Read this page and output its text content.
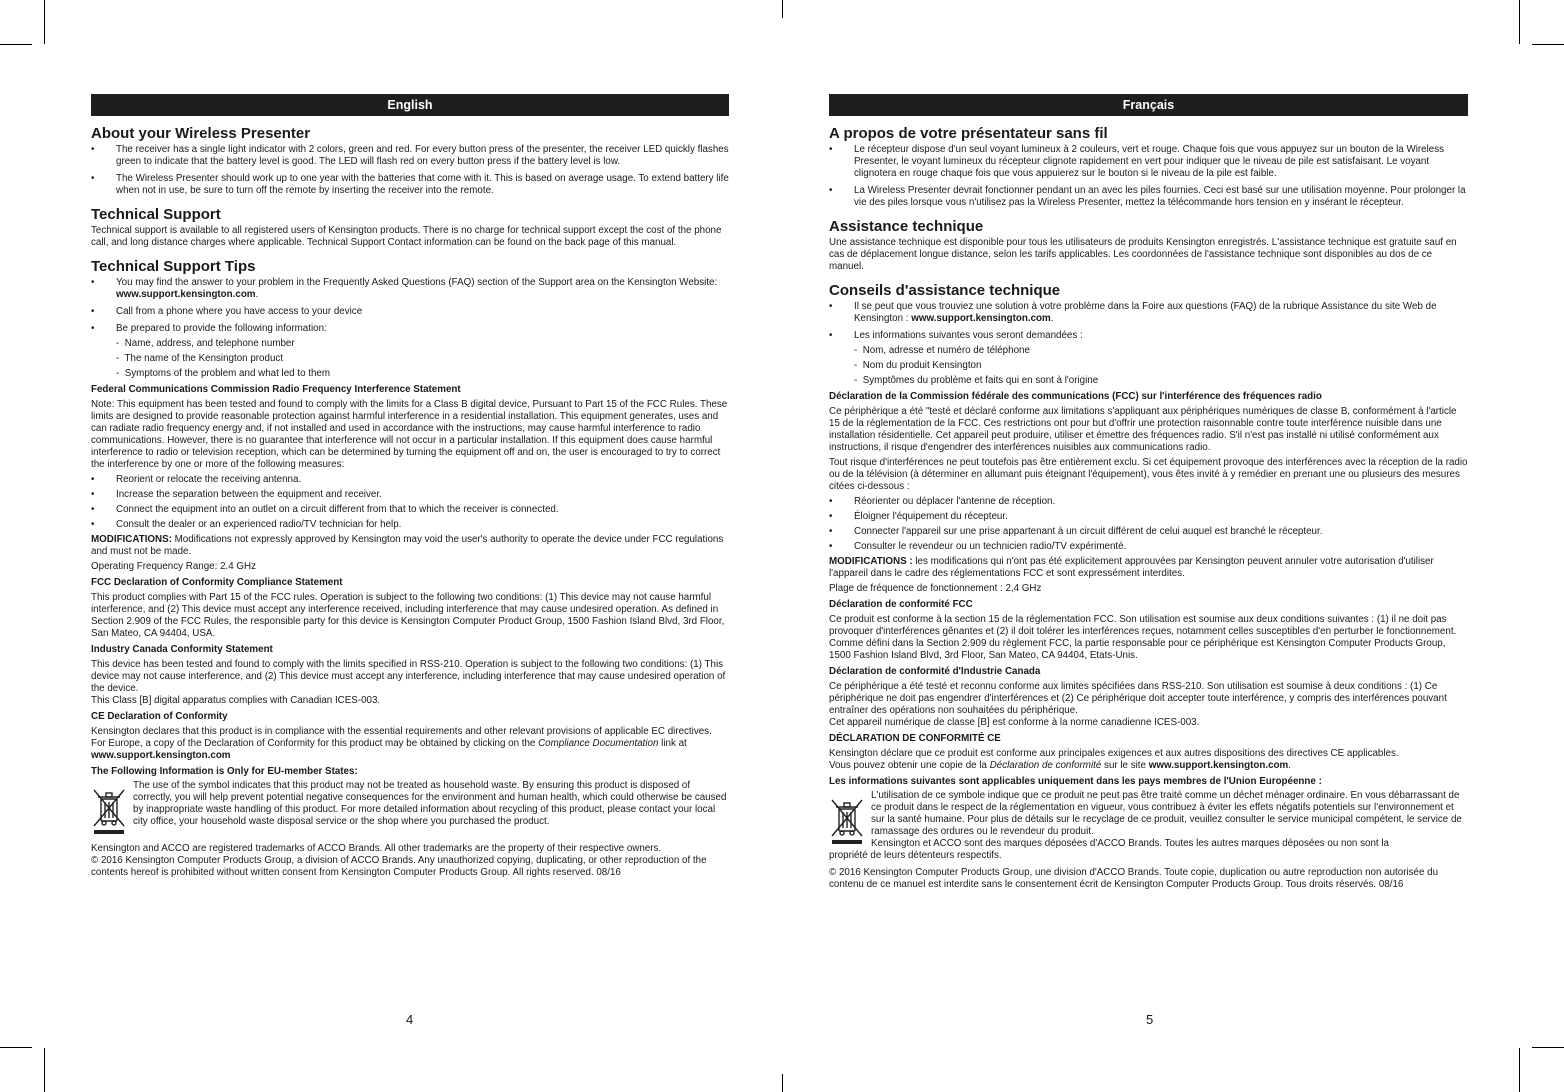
English
About your Wireless Presenter
• The receiver has a single light indicator with 2 colors, green and red. For every button press of the presenter, the receiver LED quickly flashes green to indicate that the battery level is good. The LED will flash red on every button press if the battery level is low.
• The Wireless Presenter should work up to one year with the batteries that come with it. This is based on average usage. To extend battery life when not in use, be sure to turn off the remote by inserting the receiver into the remote.
Technical Support

Technical support is available to all registered users of Kensington products. There is no charge for technical support except the cost of the phone call, and long distance charges where applicable. Technical Support Contact information can be found on the back page of this manual.

Technical Support Tips
• You may find the answer to your problem in the Frequently Asked Questions (FAQ) section of the Support area on the Kensington Website: www.support.kensington.com.
• Call from a phone where you have access to your device
• Be prepared to provide the following information:
- Name, address, and telephone number
- The name of the Kensington product
- Symptoms of the problem and what led to them
Federal Communications Commission Radio Frequency Interference Statement

Note: This equipment has been tested and found to comply with the limits for a Class B digital device, Pursuant to Part 15 of the FCC Rules. These limits are designed to provide reasonable protection against harmful interference in a residential installation. This equipment generates, uses and can radiate radio frequency energy and, if not installed and used in accordance with the instructions, may cause harmful interference to radio communications. However, there is no guarantee that interference will not occur in a particular installation. If this equipment does cause harmful interference to radio or television reception, which can be determined by turning the equipment off and on, the user is encouraged to try to correct the interference by one or more of the following measures:

• Reorient or relocate the receiving antenna.
• Increase the separation between the equipment and receiver.
• Connect the equipment into an outlet on a circuit different from that to which the receiver is connected.
• Consult the dealer or an experienced radio/TV technician for help.

MODIFICATIONS: Modifications not expressly approved by Kensington may void the user's authority to operate the device under FCC regulations and must not be made.

Operating Frequency Range: 2.4 GHz

FCC Declaration of Conformity Compliance Statement

This product complies with Part 15 of the FCC rules. Operation is subject to the following two conditions: (1) This device may not cause harmful interference, and (2) This device must accept any interference received, including interference that may cause undesired operation. As defined in Section 2.909 of the FCC Rules, the responsible party for this device is Kensington Computer Product Group, 1500 Fashion Island Blvd, 3rd Floor, San Mateo, CA 94404, USA.

Industry Canada Conformity Statement

This device has been tested and found to comply with the limits specified in RSS-210. Operation is subject to the following two conditions: (1) This device may not cause interference, and (2) This device must accept any interference, including interference that may cause undesired operation of the device.

This Class [B] digital apparatus complies with Canadian ICES-003.

CE Declaration of Conformity

Kensington declares that this product is in compliance with the essential requirements and other relevant provisions of applicable EC directives.

For Europe, a copy of the Declaration of Conformity for this product may be obtained by clicking on the Compliance Documentation link at www.support.kensington.com

The Following Information is Only for EU-member States:
The use of the symbol indicates that this product may not be treated as household waste. By ensuring this product is disposed of correctly, you will help prevent potential negative consequences for the environment and human health, which could otherwise be caused by inappropriate waste handling of this product. For more detailed information about recycling of this product, please contact your local city office, your household waste disposal service or the shop where you purchased the product.

Kensington and ACCO are registered trademarks of ACCO Brands. All other trademarks are the property of their respective owners.

© 2016 Kensington Computer Products Group, a division of ACCO Brands. Any unauthorized copying, duplicating, or other reproduction of the contents hereof is prohibited without written consent from Kensington Computer Products Group. All rights reserved. 08/16

4
Français
A propos de votre présentateur sans fil
• Le récepteur dispose d'un seul voyant lumineux à 2 couleurs, vert et rouge. Chaque fois que vous appuyez sur un bouton de la Wireless Presenter, le voyant lumineux du récepteur clignote rapidement en vert pour indiquer que le niveau de pile est satisfaisant. Le voyant clignotera en rouge chaque fois que vous appuierez sur le bouton si le niveau de la pile est faible.
• La Wireless Presenter devrait fonctionner pendant un an avec les piles fournies. Ceci est basé sur une utilisation moyenne. Pour prolonger la vie des piles lorsque vous n'utilisez pas la Wireless Presenter, mettez la télécommande hors tension en y insérant le récepteur.
Assistance technique

Une assistance technique est disponible pour tous les utilisateurs de produits Kensington enregistrés. L'assistance technique est gratuite sauf en cas de déplacement longue distance, selon les tarifs applicables. Les coordonnées de l'assistance technique sont disponibles au dos de ce manuel.

Conseils d'assistance technique
• Il se peut que vous trouviez une solution à votre problème dans la Foire aux questions (FAQ) de la rubrique Assistance du site Web de Kensington : www.support.kensington.com.
• Les informations suivantes vous seront demandées :
- Nom, adresse et numéro de téléphone
- Nom du produit Kensington
- Symptômes du problème et faits qui en sont à l'origine
Déclaration de la Commission fédérale des communications (FCC) sur l'interférence des fréquences radio

Ce périphérique a été "testé et déclaré conforme aux limitations s'appliquant aux périphériques numériques de classe B, conformément à l'article 15 de la réglementation de la FCC. Ces restrictions ont pour but d'offrir une protection raisonnable contre toute interférence nuisible dans une installation résidentielle. Cet appareil peut produire, utiliser et émettre des fréquences radio. S'il n'est pas installé ni utilisé conformément aux instructions, il risque d'engendrer des interférences nuisibles aux communications radio.

Tout risque d'interférences ne peut toutefois pas être entièrement exclu. Si cet équipement provoque des interférences avec la réception de la radio ou de la télévision (à déterminer en allumant puis éteignant l'équipement), vous êtes invité à y remédier en prenant une ou plusieurs des mesures citées ci-dessous :

• Réorienter ou déplacer l'antenne de réception.
• Éloigner l'équipement du récepteur.
• Connecter l'appareil sur une prise appartenant à un circuit différent de celui auquel est branché le récepteur.
• Consulter le revendeur ou un technicien radio/TV expérimenté.

MODIFICATIONS : les modifications qui n'ont pas été explicitement approuvées par Kensington peuvent annuler votre autorisation d'utiliser l'appareil dans le cadre des réglementations FCC et sont expressément interdites.

Plage de fréquence de fonctionnement : 2,4 GHz

Déclaration de conformité FCC

Ce produit est conforme à la section 15 de la réglementation FCC. Son utilisation est soumise aux deux conditions suivantes : (1) il ne doit pas provoquer d'interférences gênantes et (2) il doit tolérer les interférences reçues, notamment celles susceptibles d'en perturber le fonctionnement. Comme défini dans la Section 2.909 du règlement FCC, la partie responsable pour ce périphérique est Kensington Computer Products Group, 1500 Fashion Island Blvd, 3rd Floor, San Mateo, CA 94404, Etats-Unis.

Déclaration de conformité d'Industrie Canada

Ce périphérique a été testé et reconnu conforme aux limites spécifiées dans RSS-210. Son utilisation est soumise à deux conditions : (1) Ce périphérique ne doit pas engendrer d'interférences et (2) Ce périphérique doit accepter toute interférence, y compris des interférences pouvant entraîner des opérations non souhaitées du périphérique.

Cet appareil numérique de classe [B] est conforme à la norme canadienne ICES-003.

DÉCLARATION DE CONFORMITÉ CE

Kensington déclare que ce produit est conforme aux principales exigences et aux autres dispositions des directives CE applicables.

Vous pouvez obtenir une copie de la Déclaration de conformité sur le site www.support.kensington.com.

Les informations suivantes sont applicables uniquement dans les pays membres de l'Union Européenne :
L'utilisation de ce symbole indique que ce produit ne peut pas être traité comme un déchet ménager ordinaire. En vous débarrassant de ce produit dans le respect de la réglementation en vigueur, vous contribuez à éviter les effets négatifs potentiels sur l'environnement et sur la santé humaine. Pour plus de détails sur le recyclage de ce produit, veuillez consulter le service municipal compétent, le service de ramassage des ordures ou le revendeur du produit.
Kensington et ACCO sont des marques déposées d'ACCO Brands. Toutes les autres marques déposées ou non sont la

propriété de leurs détenteurs respectifs.

© 2016 Kensington Computer Products Group, une division d'ACCO Brands. Toute copie, duplication ou autre reproduction non autorisée du contenu de ce manuel est interdite sans le consentement écrit de Kensington Computer Products Group. Tous droits réservés. 08/16

5
